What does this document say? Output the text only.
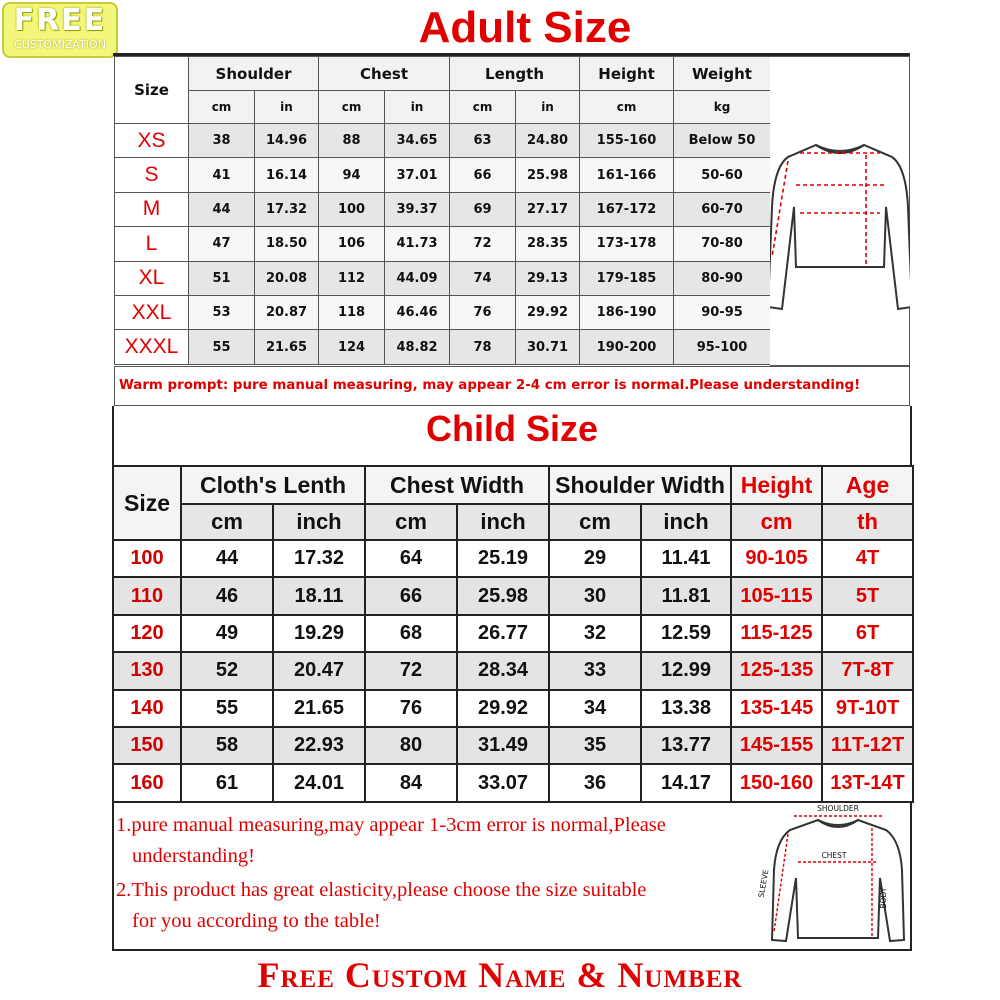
FREE
CUSTOMIZATION	Adult Size
Size	Shoulder		Chest		Length		Height	Weight
	cm	in	cm	in	cm	in	cm	kg
XS	38	14.96	88	34.65	63	24.80	155-160	Below 50
S	41	16.14	94	37.01	66	25.98	161-166	50-60
M	44	17.32	100	39.37	69	27.17	167-172	60-70
L	47	18.50	106	41.73	72	28.35	173-178	70-80
XL	51	20.08	112	44.09	74	29.13	179-185	80-90
XXL	53	20.87	118	46.46	76	29.92	186-190	90-95
XXXL	55	21.65	124	48.82	78	30.71	190-200	95-100
Warm prompt: pure manual measuring, may appear 2-4 cm error is normal.Please understanding!
Child Size
Size	Cloth's Lenth		Chest Width		Shoulder Width		Height	Age
	cm	inch	cm	inch	cm	inch	cm	th
100	44	17.32	64	25.19	29	11.41	90-105	4T
110	46	18.11	66	25.98	30	11.81	105-115	5T
120	49	19.29	68	26.77	32	12.59	115-125	6T
130	52	20.47	72	28.34	33	12.99	125-135	7T-8T
140	55	21.65	76	29.92	34	13.38	135-145	9T-10T
150	58	22.93	80	31.49	35	13.77	145-155	11T-12T
160	61	24.01	84	33.07	36	14.17	150-160	13T-14T
1.pure manual measuring,may appear 1-3cm error is normal,Please
understanding!
2.This product has great elasticity,please choose the size suitable
for you according to the table!
SHOULDER
CHEST
BODY
SLEEVE
Free Custom Name & Number
